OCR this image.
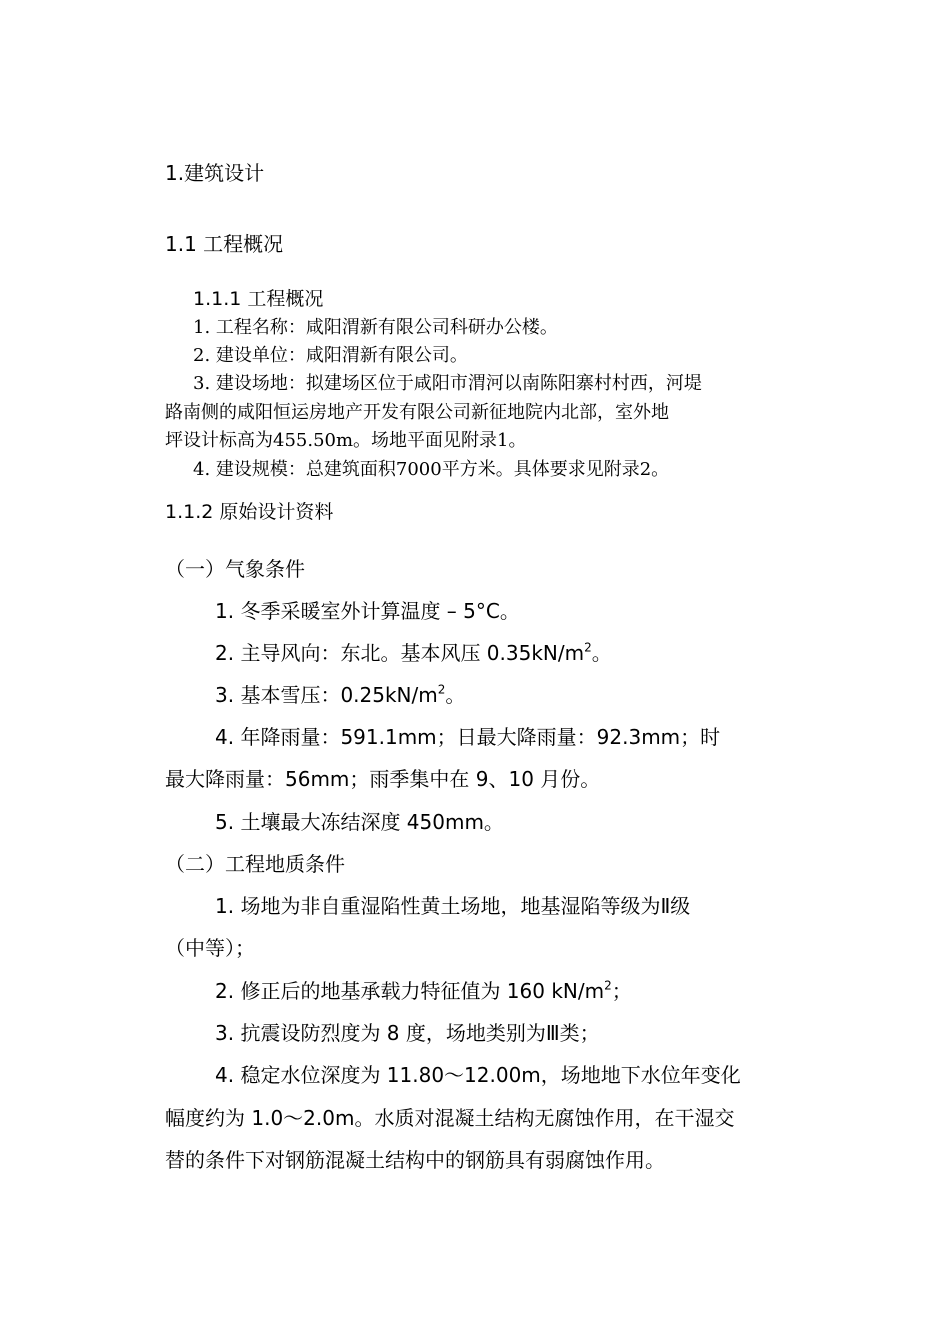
1.建筑设计
1.1 工程概况
1.1.1 工程概况
1. 工程名称：咸阳渭新有限公司科研办公楼。
2. 建设单位：咸阳渭新有限公司。
3. 建设场地：拟建场区位于咸阳市渭河以南陈阳寨村村西，河堤
路南侧的咸阳恒运房地产开发有限公司新征地院内北部，室外地
坪设计标高为455.50m。场地平面见附录1。
4. 建设规模：总建筑面积7000平方米。具体要求见附录2。
1.1.2 原始设计资料
（一）气象条件
1. 冬季采暖室外计算温度 – 5°C。
2. 主导风向：东北。基本风压 $0.35kN/m^2$。
3. 基本雪压：$0.25kN/m^2$。
4. 年降雨量：591.1mm；日最大降雨量：92.3mm；时
最大降雨量：56mm；雨季集中在 9、10 月份。
5. 土壤最大冻结深度 450mm。
（二）工程地质条件
1. 场地为非自重湿陷性黄土场地，地基湿陷等级为Ⅱ级
（中等）；
2. 修正后的地基承载力特征值为 160 $kN/m^2$；
3. 抗震设防烈度为 8 度，场地类别为Ⅲ类；
4. 稳定水位深度为 11.80～12.00m，场地地下水位年变化
幅度约为 1.0～2.0m。水质对混凝土结构无腐蚀作用，在干湿交
替的条件下对钢筋混凝土结构中的钢筋具有弱腐蚀作用。
